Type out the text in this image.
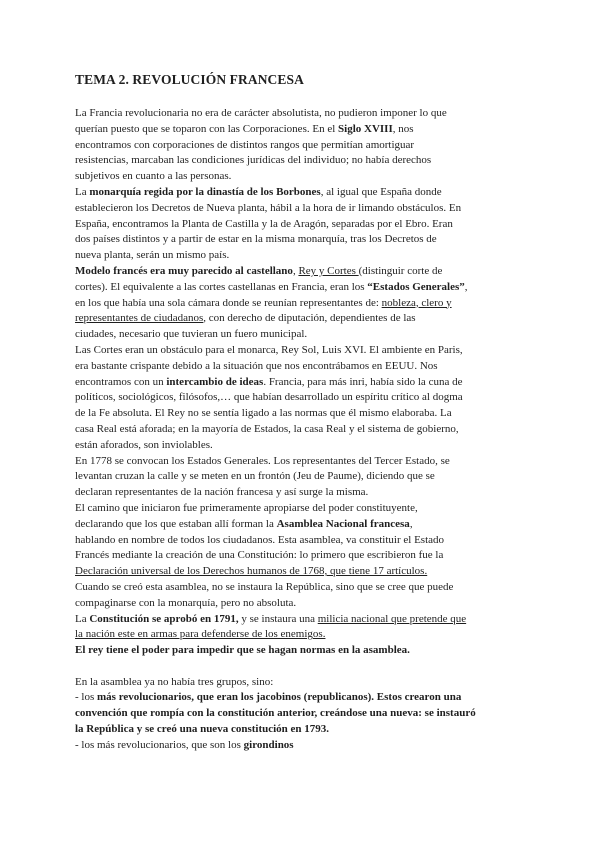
TEMA 2. REVOLUCIÓN FRANCESA
La Francia revolucionaria no era de carácter absolutista, no pudieron imponer lo que
querían puesto que se toparon con las Corporaciones. En el Siglo XVIII, nos
encontramos con corporaciones de distintos rangos que permitían amortiguar
resistencias, marcaban las condiciones jurídicas del individuo; no había derechos
subjetivos en cuanto a las personas.
La monarquía regida por la dinastía de los Borbones, al igual que España donde
establecieron los Decretos de Nueva planta, hábil a la hora de ir limando obstáculos. En
España, encontramos la Planta de Castilla y la de Aragón, separadas por el Ebro. Eran
dos países distintos y a partir de estar en la misma monarquía, tras los Decretos de
nueva planta, serán un mismo país.
Modelo francés era muy parecido al castellano, Rey y Cortes (distinguir corte de
cortes). El equivalente a las cortes castellanas en Francia, eran los “Estados Generales”,
en los que había una sola cámara donde se reunían representantes de: nobleza, clero y
representantes de ciudadanos, con derecho de diputación, dependientes de las
ciudades, necesario que tuvieran un fuero municipal.
Las Cortes eran un obstáculo para el monarca, Rey Sol, Luis XVI. El ambiente en Paris,
era bastante crispante debido a la situación que nos encontrábamos en EEUU. Nos
encontramos con un intercambio de ideas. Francia, para más inri, había sido la cuna de
políticos, sociológicos, filósofos,… que habían desarrollado un espíritu crítico al dogma
de la Fe absoluta. El Rey no se sentía ligado a las normas que él mismo elaboraba. La
casa Real está aforada; en la mayoría de Estados, la casa Real y el sistema de gobierno,
están aforados, son inviolables.
En 1778 se convocan los Estados Generales. Los representantes del Tercer Estado, se
levantan cruzan la calle y se meten en un frontón (Jeu de Paume), diciendo que se
declaran representantes de la nación francesa y así surge la misma.
El camino que iniciaron fue primeramente apropiarse del poder constituyente,
declarando que los que estaban allí forman la Asamblea Nacional francesa,
hablando en nombre de todos los ciudadanos. Esta asamblea, va constituir el Estado
Francés mediante la creación de una Constitución: lo primero que escribieron fue la
Declaración universal de los Derechos humanos de 1768, que tiene 17 artículos.
Cuando se creó esta asamblea, no se instaura la República, sino que se cree que puede
compaginarse con la monarquía, pero no absoluta.
La Constitución se aprobó en 1791, y se instaura una milicia nacional que pretende que
la nación este en armas para defenderse de los enemigos.
El rey tiene el poder para impedir que se hagan normas en la asamblea.
En la asamblea ya no había tres grupos, sino:
- los más revolucionarios, que eran los jacobinos (republicanos). Estos crearon una
convención que rompía con la constitución anterior, creándose una nueva: se instauró
la República y se creó una nueva constitución en 1793.
- los más revolucionarios, que son los girondinos
